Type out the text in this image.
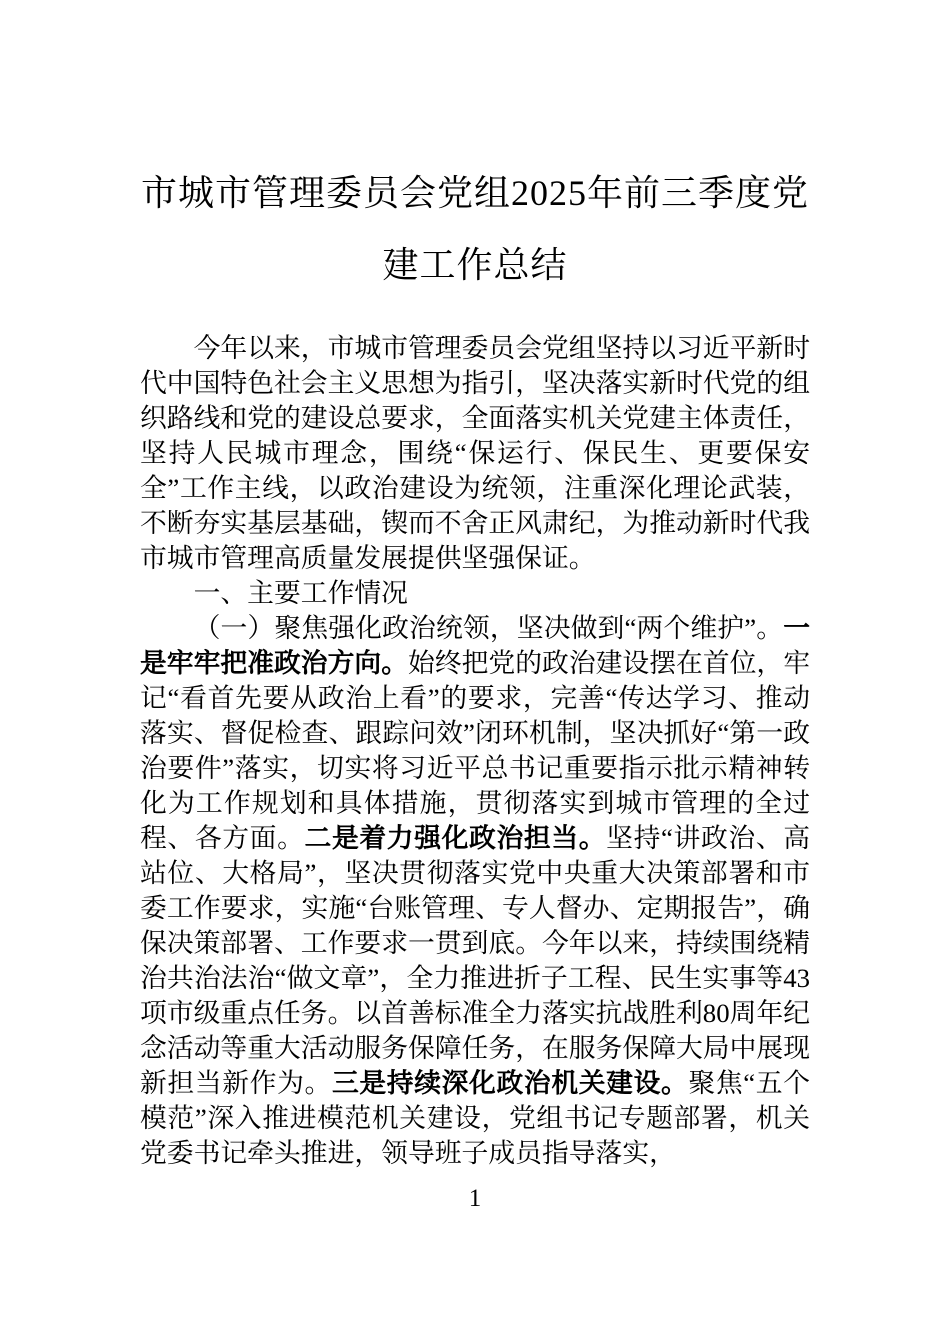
市城市管理委员会党组2025年前三季度党
建工作总结

今年以来，市城市管理委员会党组坚持以习近平新时代中国特色社会主义思想为指引，坚决落实新时代党的组织路线和党的建设总要求，全面落实机关党建主体责任，坚持人民城市理念，围绕“保运行、保民生、更要保安全”工作主线，以政治建设为统领，注重深化理论武装，不断夯实基层基础，锲而不舍正风肃纪，为推动新时代我市城市管理高质量发展提供坚强保证。

一、主要工作情况

（一）聚焦强化政治统领，坚决做到“两个维护”。一是牢牢把准政治方向。始终把党的政治建设摆在首位，牢记“看首先要从政治上看”的要求，完善“传达学习、推动落实、督促检查、跟踪问效”闭环机制，坚决抓好“第一政治要件”落实，切实将习近平总书记重要指示批示精神转化为工作规划和具体措施，贯彻落实到城市管理的全过程、各方面。二是着力强化政治担当。坚持“讲政治、高站位、大格局”，坚决贯彻落实党中央重大决策部署和市委工作要求，实施“台账管理、专人督办、定期报告”，确保决策部署、工作要求一贯到底。今年以来，持续围绕精治共治法治“做文章”，全力推进折子工程、民生实事等43项市级重点任务。以首善标准全力落实抗战胜利80周年纪念活动等重大活动服务保障任务，在服务保障大局中展现新担当新作为。三是持续深化政治机关建设。聚焦“五个模范”深入推进模范机关建设，党组书记专题部署，机关党委书记牵头推进，领导班子成员指导落实，

1
